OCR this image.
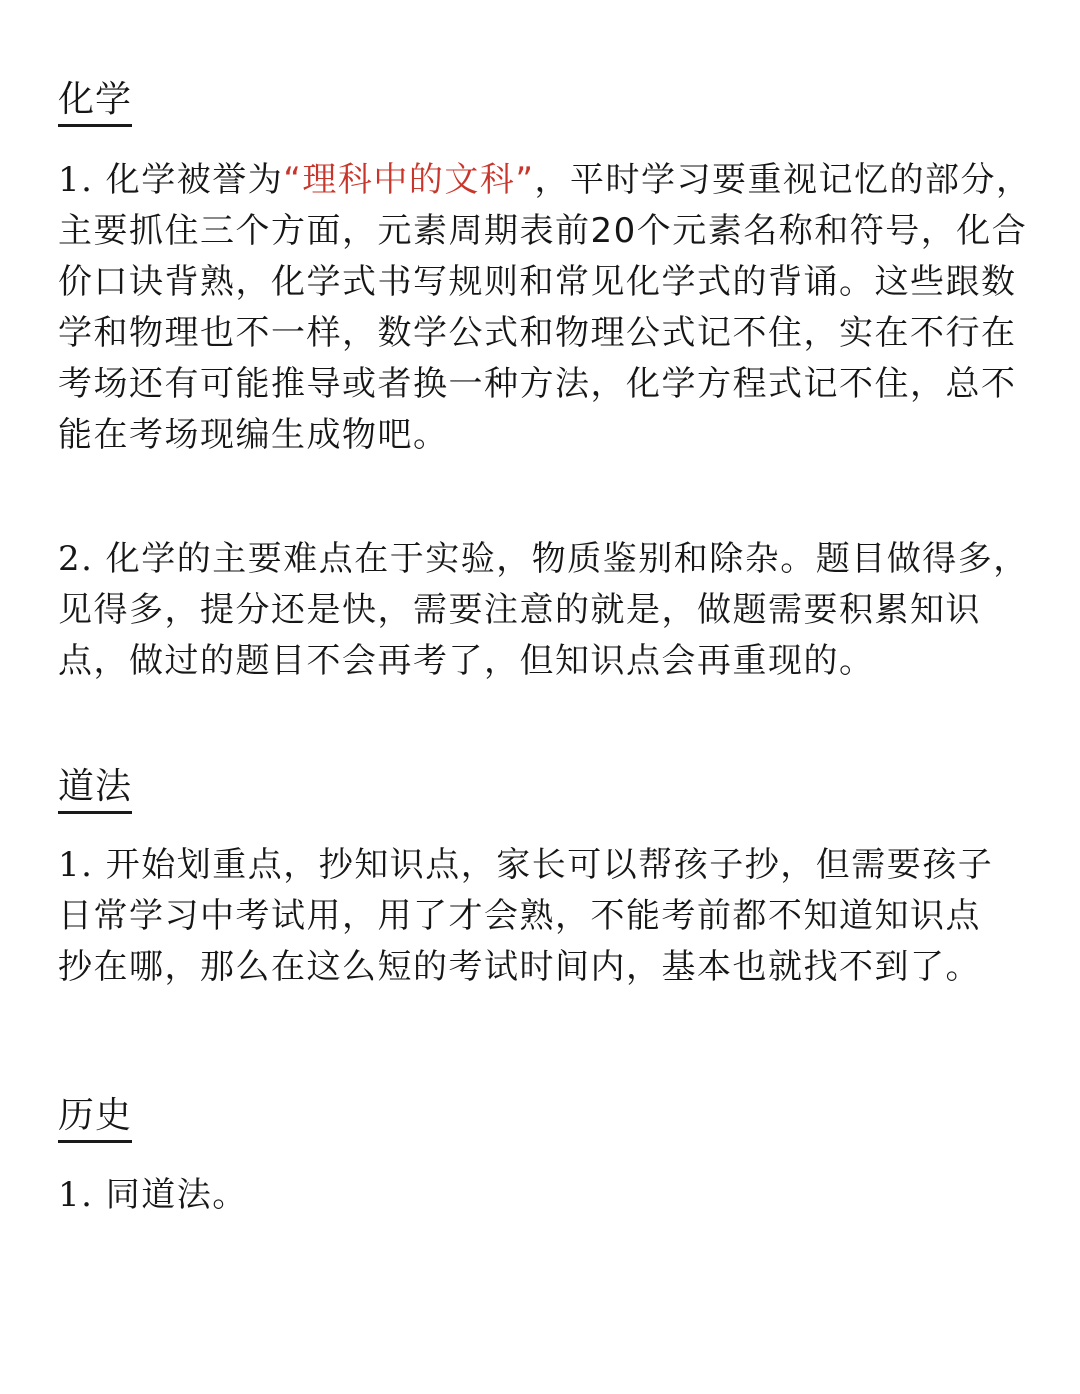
化学

1. 化学被誉为“理科中的文科”，平时学习要重视记忆的部分，主要抓住三个方面，元素周期表前20个元素名称和符号，化合价口诀背熟，化学式书写规则和常见化学式的背诵。这些跟数学和物理也不一样，数学公式和物理公式记不住，实在不行在考场还有可能推导或者换一种方法，化学方程式记不住，总不能在考场现编生成物吧。

2. 化学的主要难点在于实验，物质鉴别和除杂。题目做得多，见得多，提分还是快，需要注意的就是，做题需要积累知识点，做过的题目不会再考了，但知识点会再重现的。

道法

1. 开始划重点，抄知识点，家长可以帮孩子抄，但需要孩子日常学习中考试用，用了才会熟，不能考前都不知道知识点抄在哪，那么在这么短的考试时间内，基本也就找不到了。

历史

1. 同道法。
